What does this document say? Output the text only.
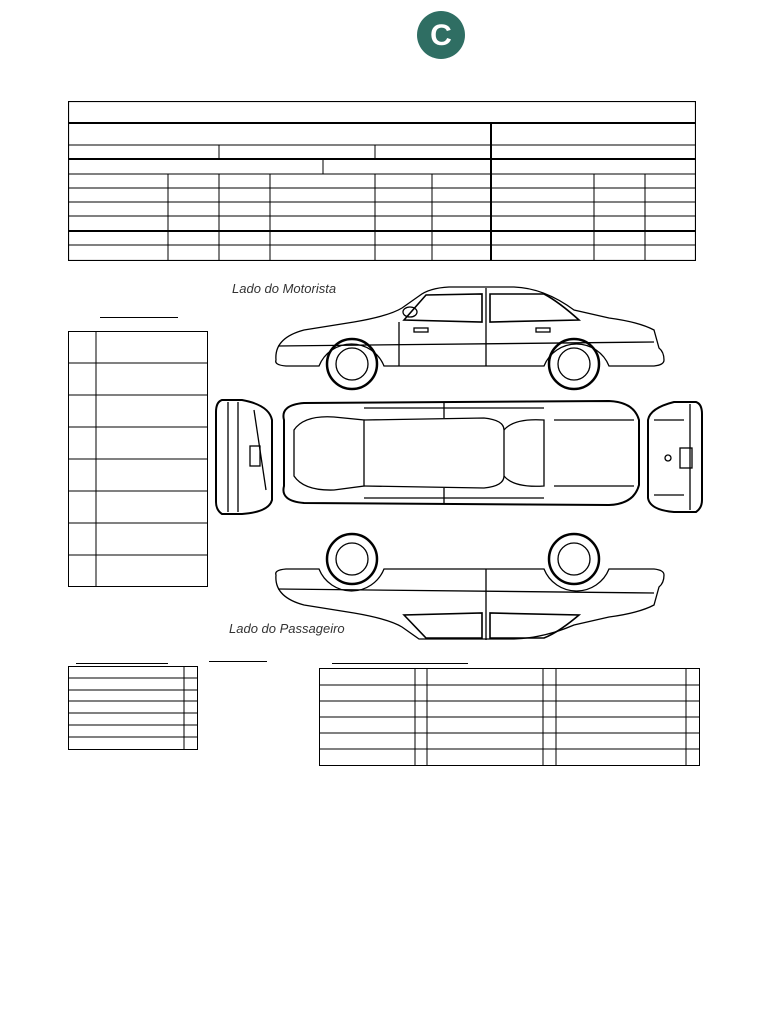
C
Lado do Motorista
Lado do Passageiro
